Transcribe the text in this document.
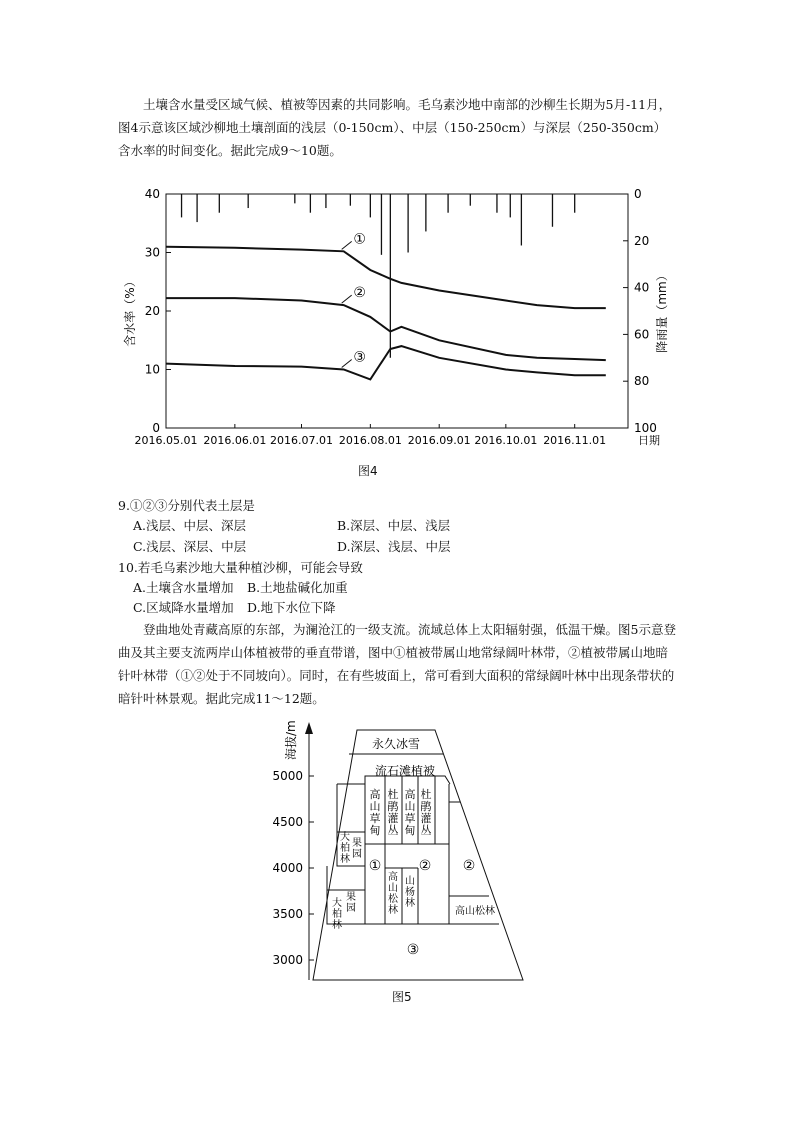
土壤含水量受区域气候、植被等因素的共同影响。毛乌素沙地中南部的沙柳生长期为5月-11月，图4示意该区域沙柳地土壤剖面的浅层（0-150cm）、中层（150-250cm）与深层（250-350cm）含水率的时间变化。据此完成9～10题。

40
30
20
10
0
0
20
40
60
80
100
2016.05.01 2016.06.01 2016.07.01 2016.08.01 2016.09.01 2016.10.01 2016.11.01	日期
含水率（%）	降雨量（mm）
①
②
③
图4
9.①②③分别代表土层是
A.浅层、中层、深层	B.深层、中层、浅层
C.浅层、深层、中层	D.深层、浅层、中层
10.若毛乌素沙地大量种植沙柳，可能会导致
A.土壤含水量增加 B.土地盐碱化加重
C.区域降水量增加 D.地下水位下降

登曲地处青藏高原的东部，为澜沧江的一级支流。流域总体上太阳辐射强，低温干燥。图5示意登曲及其主要支流两岸山体植被带的垂直带谱，图中①植被带属山地常绿阔叶林带，②植被带属山地暗针叶林带（①②处于不同坡向）。同时，在有些坡面上，常可看到大面积的常绿阔叶林中出现条带状的暗针叶林景观。据此完成11～12题。

5000
4500
4000
3500
3000
海拔/m	永久冰雪
流石滩植被
高山草甸
杜鹃灌丛
高山草甸
杜鹃灌丛
高山松林
山杨林
果园
大柏林
果园
大柏林
①	② ②
③
高山松林
图5
